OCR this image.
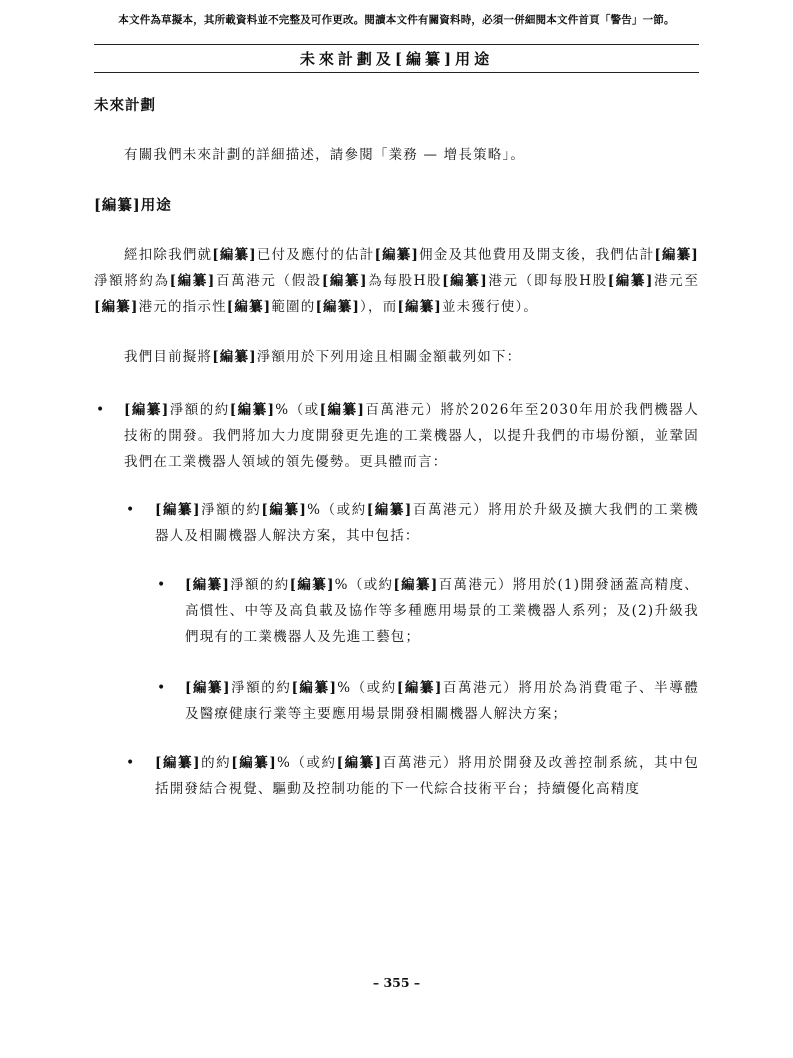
本文件為草擬本，其所載資料並不完整及可作更改。閱讀本文件有關資料時，必須一併細閱本文件首頁「警告」一節。
未來計劃及[編纂]用途
未來計劃
有關我們未來計劃的詳細描述，請參閱「業務 — 增長策略」。
[編纂]用途
經扣除我們就[編纂]已付及應付的估計[編纂]佣金及其他費用及開支後，我們估計[編纂]淨額將約為[編纂]百萬港元（假設[編纂]為每股H股[編纂]港元（即每股H股[編纂]港元至[編纂]港元的指示性[編纂]範圍的[編纂]），而[編纂]並未獲行使）。
我們目前擬將[編纂]淨額用於下列用途且相關金額載列如下：
• [編纂]淨額的約[編纂]%（或[編纂]百萬港元）將於2026年至2030年用於我們機器人技術的開發。我們將加大力度開發更先進的工業機器人，以提升我們的市場份額，並鞏固我們在工業機器人領域的領先優勢。更具體而言：
• [編纂]淨額的約[編纂]%（或約[編纂]百萬港元）將用於升級及擴大我們的工業機器人及相關機器人解決方案，其中包括：
• [編纂]淨額的約[編纂]%（或約[編纂]百萬港元）將用於(1)開發涵蓋高精度、高慣性、中等及高負載及協作等多種應用場景的工業機器人系列；及(2)升級我們現有的工業機器人及先進工藝包；
• [編纂]淨額的約[編纂]%（或約[編纂]百萬港元）將用於為消費電子、半導體及醫療健康行業等主要應用場景開發相關機器人解決方案；
• [編纂]的約[編纂]%（或約[編纂]百萬港元）將用於開發及改善控制系統，其中包括開發結合視覺、驅動及控制功能的下一代綜合技術平台；持續優化高精度
– 355 –
